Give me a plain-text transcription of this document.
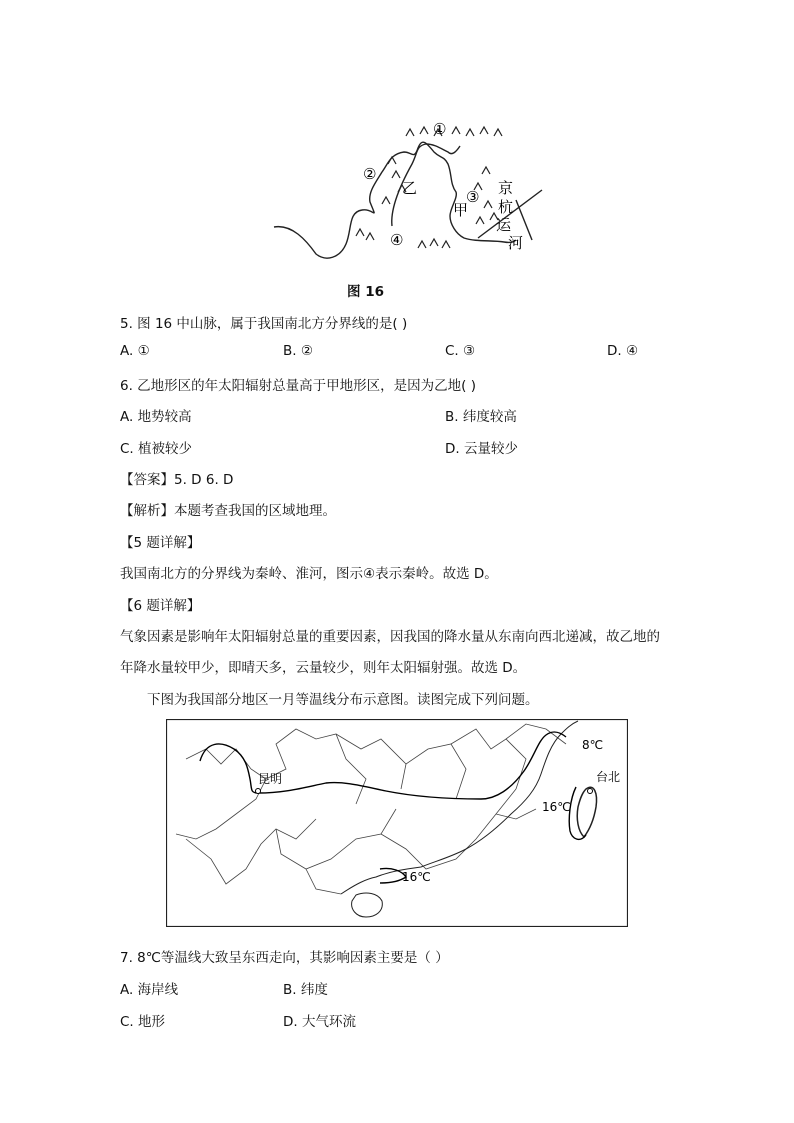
①
②
③
④
乙
甲
京
杭
运
河
图 16
5. 图 16 中山脉，属于我国南北方分界线的是( )
A. ①	B. ②	C. ③	D. ④
6. 乙地形区的年太阳辐射总量高于甲地形区，是因为乙地( )
A. 地势较高	B. 纬度较高
C. 植被较少	D. 云量较少
【答案】5. D 6. D
【解析】本题考查我国的区域地理。
【5 题详解】
我国南北方的分界线为秦岭、淮河，图示④表示秦岭。故选 D。
【6 题详解】
气象因素是影响年太阳辐射总量的重要因素，因我国的降水量从东南向西北递减，故乙地的
年降水量较甲少，即晴天多，云量较少，则年太阳辐射强。故选 D。
下图为我国部分地区一月等温线分布示意图。读图完成下列问题。
昆明
8℃
台北
16℃
16℃
7. 8℃等温线大致呈东西走向，其影响因素主要是（ ）
A. 海岸线	B. 纬度
C. 地形	D. 大气环流
